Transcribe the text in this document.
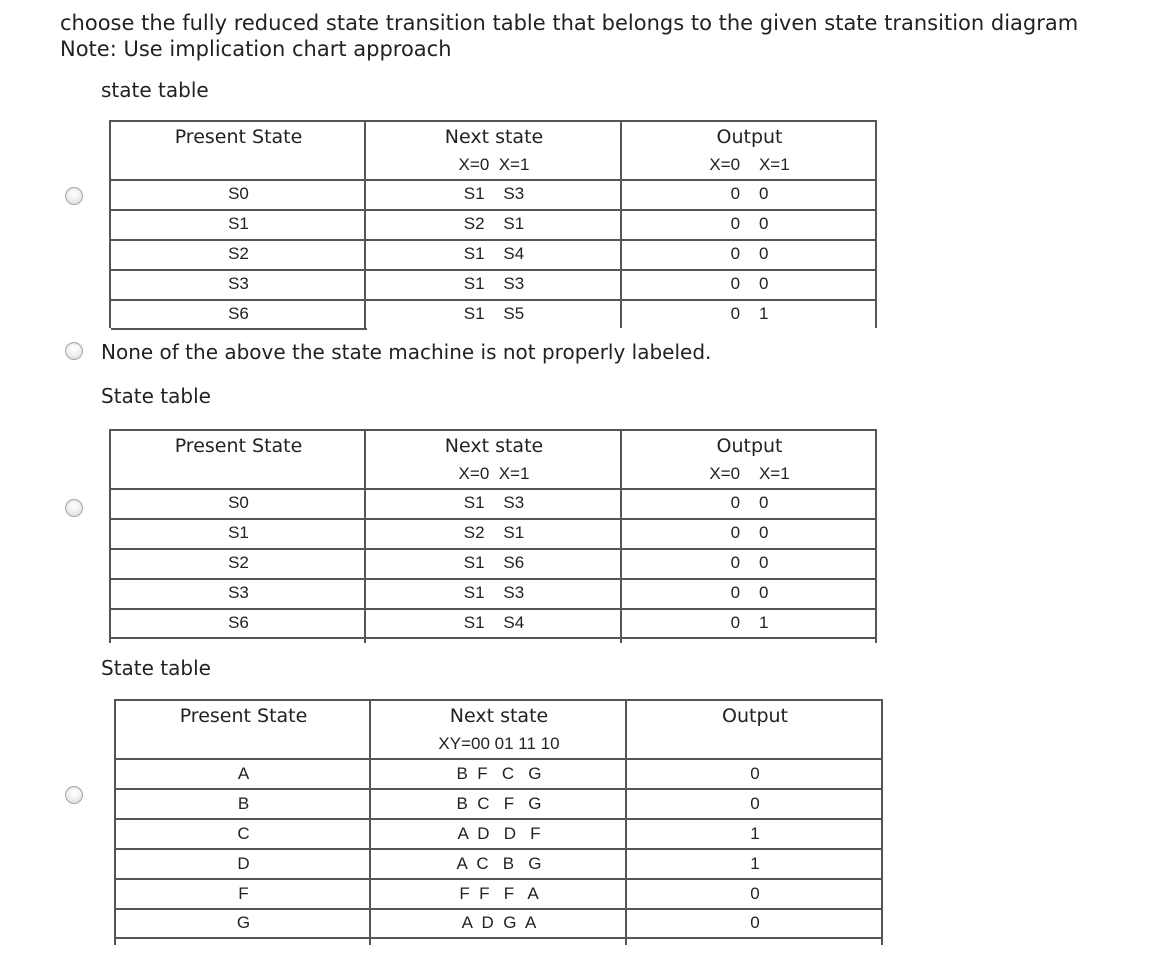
choose the fully reduced state transition table that belongs to the given state transition diagram
Note: Use implication chart approach
state table
Present State	Next state
X=0  X=1
Output
X=0    X=1
S0	S1    S3	0    0
S1	S2    S1	0    0
S2	S1    S4	0    0
S3	S1    S3	0    0
S6	S1    S5	0    1
None of the above the state machine is not properly labeled.
State table
Present State	Next state
X=0  X=1
Output
X=0    X=1
S0	S1    S3	0    0
S1	S2    S1	0    0
S2	S1    S6	0    0
S3	S1    S3	0    0
S6	S1    S4	0    1
State table
Present State	Next state
XY=00 01 11 10
Output
A	B  F   C   G	0
B	B  C   F   G	0
C	A  D   D   F	1
D	A  C   B   G	1
F	F  F   F   A	0
G	A  D  G  A	0
